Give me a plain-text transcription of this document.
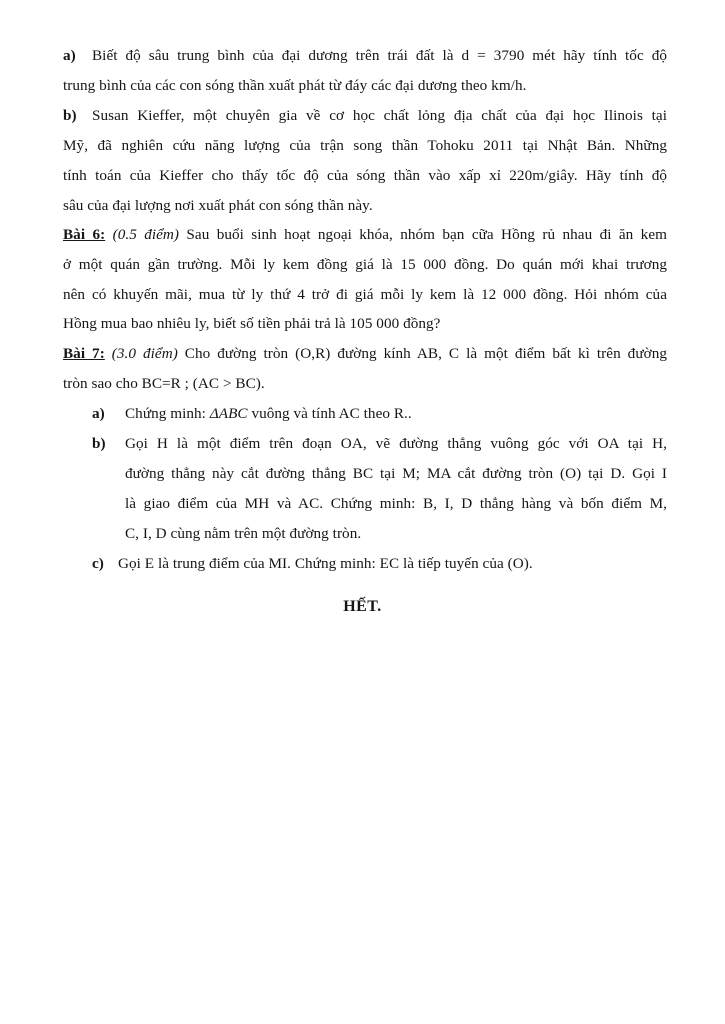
a) Biết độ sâu trung bình của đại dương trên trái đất là d = 3790 mét hãy tính tốc độ
trung bình của các con sóng thần xuất phát từ đáy các đại dương theo km/h.
b) Susan Kieffer, một chuyên gia về cơ học chất lỏng địa chất của đại học Ilinois tại
Mỹ, đã nghiên cứu năng lượng của trận song thần Tohoku 2011 tại Nhật Bản. Những
tính toán của Kieffer cho thấy tốc độ của sóng thần vào xấp xỉ 220m/giây. Hãy tính độ
sâu của đại lượng nơi xuất phát con sóng thần này.
Bài 6: (0.5 điểm) Sau buổi sinh hoạt ngoại khóa, nhóm bạn cữa Hồng rủ nhau đi ăn kem
ở một quán gần trường. Mỗi ly kem đồng giá là 15 000 đồng. Do quán mới khai trương
nên có khuyến mãi, mua từ ly thứ 4 trở đi giá mỗi ly kem là 12 000 đồng. Hỏi nhóm của
Hồng mua bao nhiêu ly, biết số tiền phải trả là 105 000 đồng?
Bài 7: (3.0 điểm) Cho đường tròn (O,R) đường kính AB, C là một điểm bất kì trên đường
tròn sao cho BC=R ; (AC > BC).
a) Chứng minh: ΔABC vuông và tính AC theo R..
b) Gọi H là một điểm trên đoạn OA, vẽ đường thẳng vuông góc với OA tại H,
đường thẳng này cắt đường thẳng BC tại M; MA cắt đường tròn (O) tại D. Gọi I
là giao điểm của MH và AC. Chứng minh: B, I, D thẳng hàng và bốn điểm M,
C, I, D cùng nằm trên một đường tròn.
c) Gọi E là trung điểm của MI. Chứng minh: EC là tiếp tuyến của (O).
HẾT.
